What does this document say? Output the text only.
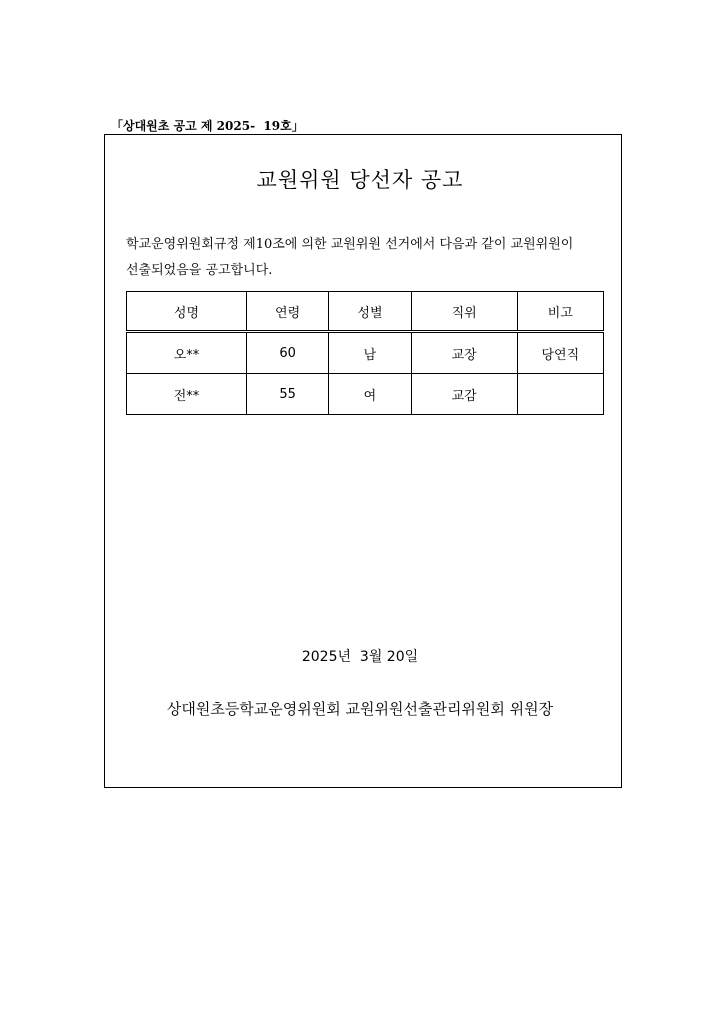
「상대원초 공고 제 2025-  19호」
교원위원 당선자 공고
학교운영위원회규정 제10조에 의한 교원위원 선거에서 다음과 같이 교원위원이
선출되었음을 공고합니다.
성명	연령	성별	직위	비고
오**	60	남	교장	당연직
전**	55	여	교감	
2025년  3월 20일
상대원초등학교운영위원회 교원위원선출관리위원회 위원장
